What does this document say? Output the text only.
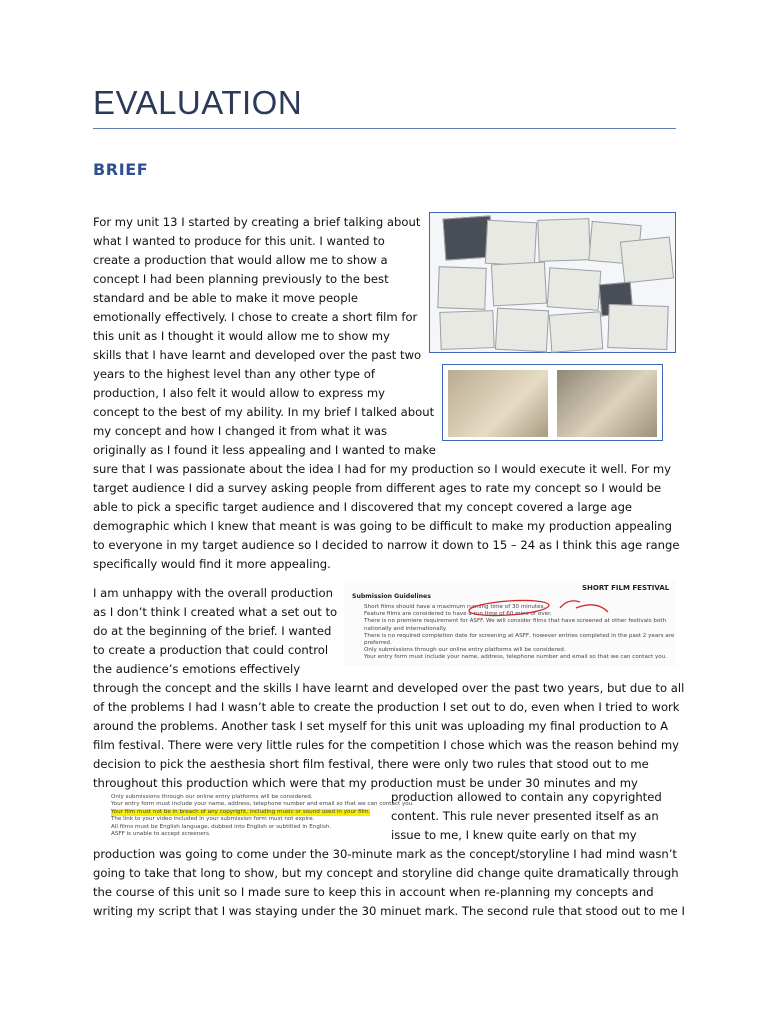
EVALUATION
BRIEF

For my unit 13 I started by creating a brief talking about

what I wanted to produce for this unit. I wanted to

create a production that would allow me to show a

concept I had been planning previously to the best

standard and be able to make it move people

emotionally effectively. I chose to create a short film for

this unit as I thought it would allow me to show my

skills that I have learnt and developed over the past two

years to the highest level than any other type of

production, I also felt it would allow to express my

concept to the best of my ability. In my brief I talked about

my concept and how I changed it from what it was

originally as I found it less appealing and I wanted to make

sure that I was passionate about the idea I had for my production so I would execute it well. For my

target audience I did a survey asking people from different ages to rate my concept so I would be

able to pick a specific target audience and I discovered that my concept covered a large age

demographic which I knew that meant is was going to be difficult to make my production appealing

to everyone in my target audience so I decided to narrow it down to 15 – 24 as I think this age range

specifically would find it more appealing.

I am unhappy with the overall production

as I don’t think I created what a set out to

do at the beginning of the brief. I wanted

to create a production that could control

the audience’s emotions effectively

through the concept and the skills I have learnt and developed over the past two years, but due to all

of the problems I had I wasn’t able to create the production I set out to do, even when I tried to work

around the problems. Another task I set myself for this unit was uploading my final production to A

film festival. There were very little rules for the competition I chose which was the reason behind my

decision to pick the aesthesia short film festival, there were only two rules that stood out to me

throughout this production which were that my production must be under 30 minutes and my

production allowed to contain any copyrighted

content. This rule never presented itself as an

issue to me, I knew quite early on that my

production was going to come under the 30-minute mark as the concept/storyline I had mind wasn’t

going to take that long to show, but my concept and storyline did change quite dramatically through

the course of this unit so I made sure to keep this in account when re-planning my concepts and

writing my script that I was staying under the 30 minuet mark. The second rule that stood out to me I

SHORT FILM FESTIVAL
Submission Guidelines
Short films should have a maximum running time of 30 minutes.
Feature films are considered to have a run time of 60 mins or over.
There is no premiere requirement for ASFF. We will consider films that have screened at other festivals both
nationally and internationally.
There is no required completion date for screening at ASFF, however entries completed in the past 2 years are
preferred.
Only submissions through our online entry platforms will be considered.
Your entry form must include your name, address, telephone number and email so that we can contact you.
Only submissions through our online entry platforms will be considered.
Your entry form must include your name, address, telephone number and email so that we can contact you.
Your film must not be in breach of any copyright, including music or sound used in your film.
The link to your video included in your submission form must not expire.
All films must be English language, dubbed into English or subtitled in English.
ASFF is unable to accept screeners.
